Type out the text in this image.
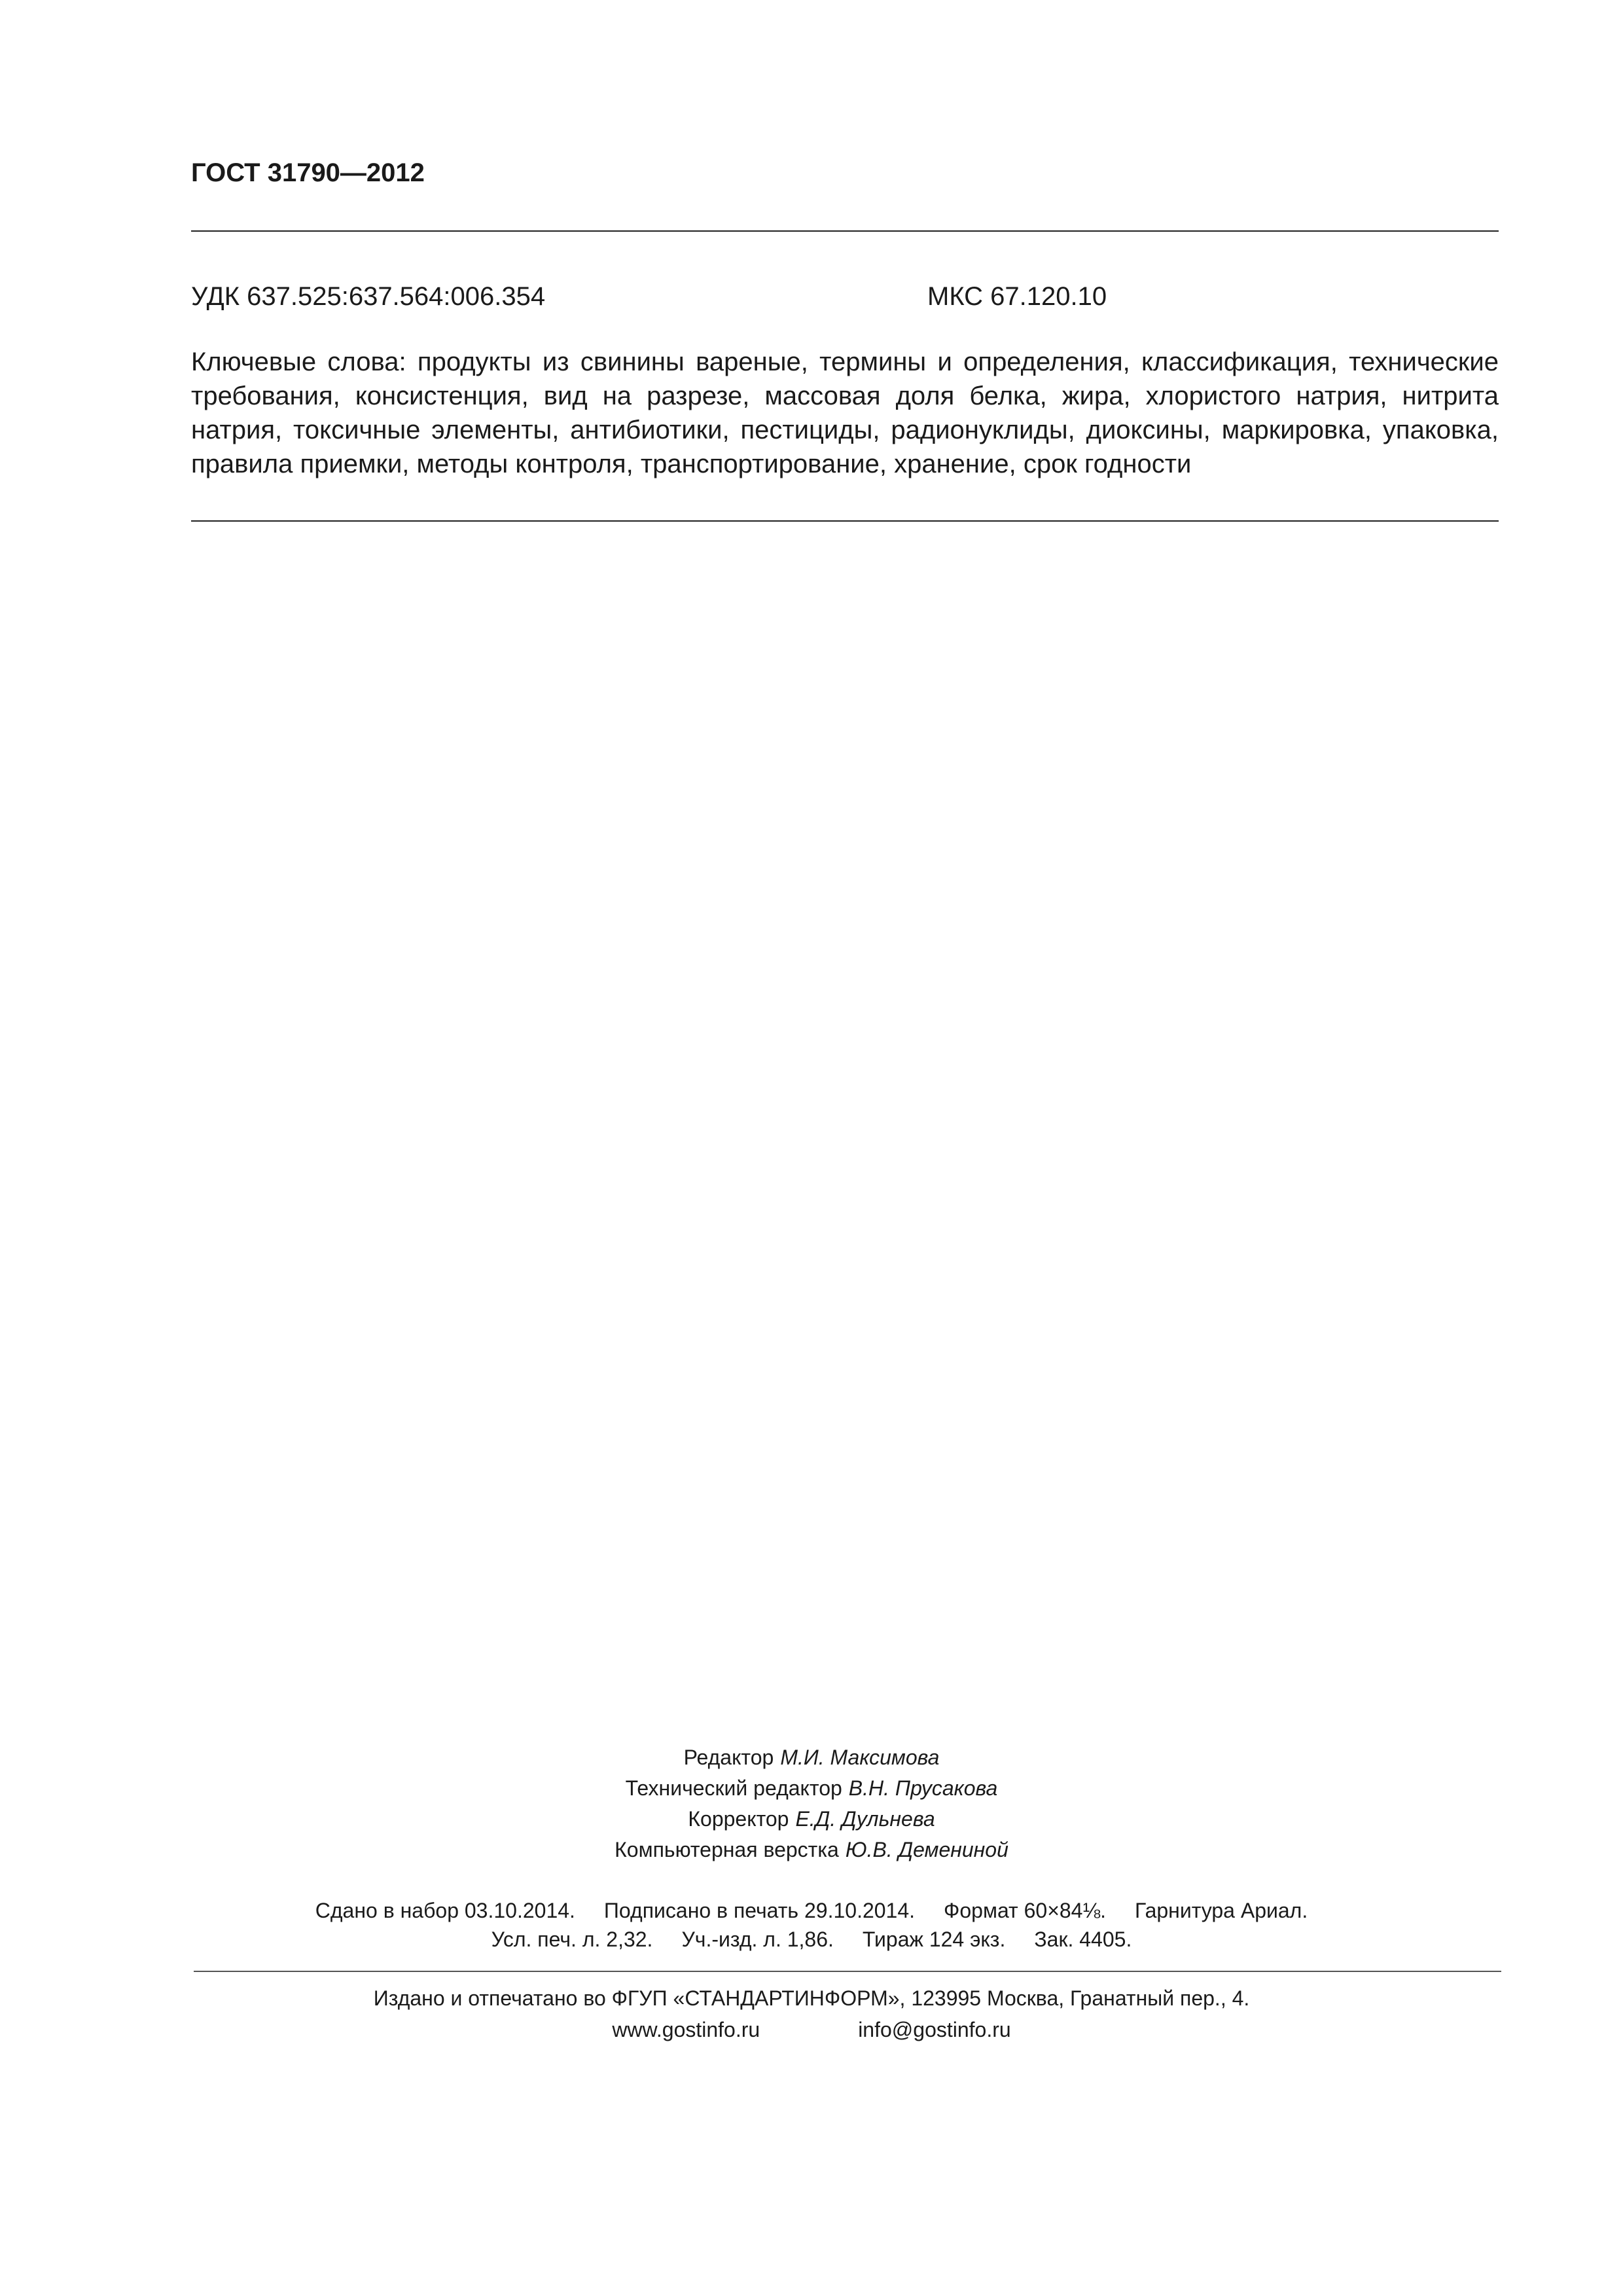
ГОСТ 31790—2012
УДК 637.525:637.564:006.354	МКС 67.120.10
Ключевые слова: продукты из свинины вареные, термины и определения, классификация, технические требования, консистенция, вид на разрезе, массовая доля белка, жира, хлористого натрия, нитрита натрия, токсичные элементы, антибиотики, пестициды, радионуклиды, диоксины, маркировка, упаковка, правила приемки, методы контроля, транспортирование, хранение, срок годности
Редактор М.И. Максимова
Технический редактор В.Н. Прусакова
Корректор Е.Д. Дульнева
Компьютерная верстка Ю.В. Демениной
Сдано в набор 03.10.2014. Подписано в печать 29.10.2014. Формат 60×84⅛. Гарнитура Ариал.
Усл. печ. л. 2,32. Уч.-изд. л. 1,86. Тираж 124 экз. Зак. 4405.
Издано и отпечатано во ФГУП «СТАНДАРТИНФОРМ», 123995 Москва, Гранатный пер., 4.
www.gostinfo.ru	info@gostinfo.ru
